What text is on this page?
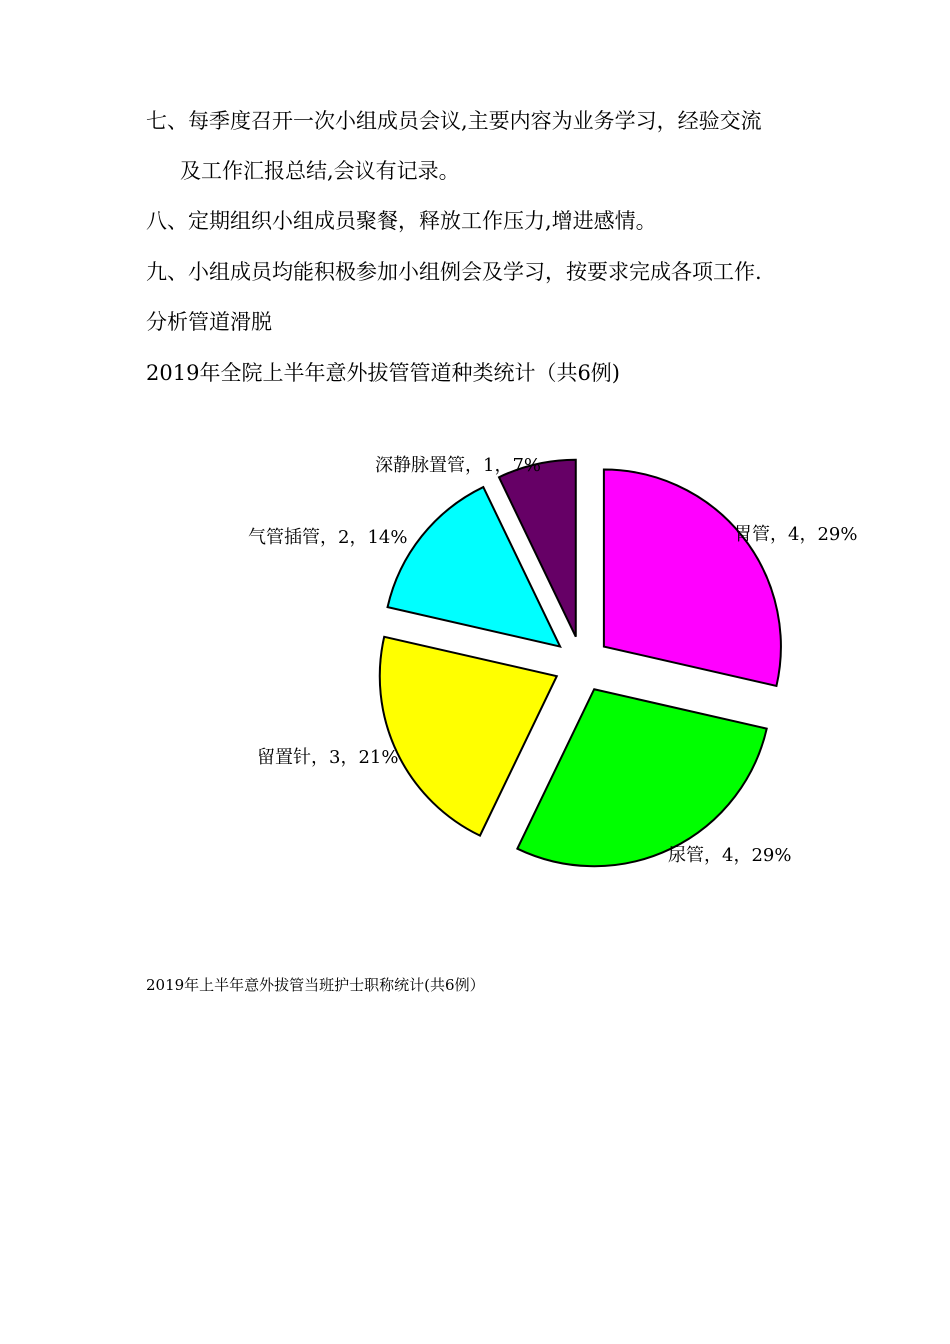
七、每季度召开一次小组成员会议,主要内容为业务学习，经验交流
及工作汇报总结,会议有记录。
八、定期组织小组成员聚餐，释放工作压力,增进感情。
九、小组成员均能积极参加小组例会及学习，按要求完成各项工作.
分析管道滑脱
2019年全院上半年意外拔管管道种类统计（共6例)
胃管，4，29%
尿管，4，29%
留置针，3，21%
气管插管，2，14%
深静脉置管，1，7%
2019年上半年意外拔管当班护士职称统计(共6例）
